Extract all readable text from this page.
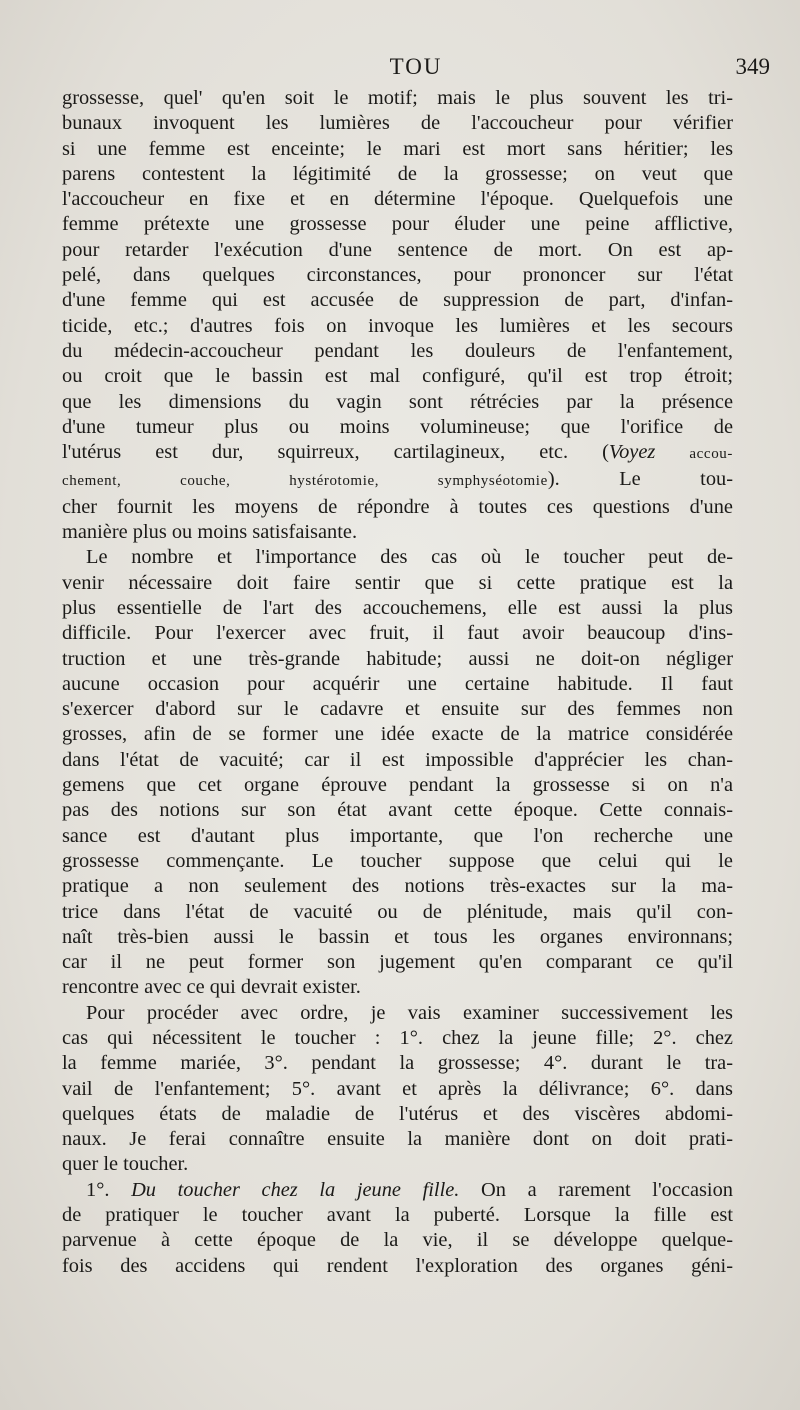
TOU	349

grossesse, quel' qu'en soit le motif; mais le plus souvent les tri-

bunaux invoquent les lumières de l'accoucheur pour vérifier

si une femme est enceinte; le mari est mort sans héritier; les

parens contestent la légitimité de la grossesse; on veut que

l'accoucheur en fixe et en détermine l'époque. Quelquefois une

femme prétexte une grossesse pour éluder une peine afflictive,

pour retarder l'exécution d'une sentence de mort. On est ap-

pelé, dans quelques circonstances, pour prononcer sur l'état

d'une femme qui est accusée de suppression de part, d'infan-

ticide, etc.; d'autres fois on invoque les lumières et les secours

du médecin-accoucheur pendant les douleurs de l'enfantement,

ou croit que le bassin est mal configuré, qu'il est trop étroit;

que les dimensions du vagin sont rétrécies par la présence

d'une tumeur plus ou moins volumineuse; que l'orifice de

l'utérus est dur, squirreux, cartilagineux, etc. (Voyez accou-

chement, couche, hystérotomie, symphyséotomie). Le tou-

cher fournit les moyens de répondre à toutes ces questions d'une

manière plus ou moins satisfaisante.

Le nombre et l'importance des cas où le toucher peut de-

venir nécessaire doit faire sentir que si cette pratique est la

plus essentielle de l'art des accouchemens, elle est aussi la plus

difficile. Pour l'exercer avec fruit, il faut avoir beaucoup d'ins-

truction et une très-grande habitude; aussi ne doit-on négliger

aucune occasion pour acquérir une certaine habitude. Il faut

s'exercer d'abord sur le cadavre et ensuite sur des femmes non

grosses, afin de se former une idée exacte de la matrice considérée

dans l'état de vacuité; car il est impossible d'apprécier les chan-

gemens que cet organe éprouve pendant la grossesse si on n'a

pas des notions sur son état avant cette époque. Cette connais-

sance est d'autant plus importante, que l'on recherche une

grossesse commençante. Le toucher suppose que celui qui le

pratique a non seulement des notions très-exactes sur la ma-

trice dans l'état de vacuité ou de plénitude, mais qu'il con-

naît très-bien aussi le bassin et tous les organes environnans;

car il ne peut former son jugement qu'en comparant ce qu'il

rencontre avec ce qui devrait exister.

Pour procéder avec ordre, je vais examiner successivement les

cas qui nécessitent le toucher : 1°. chez la jeune fille; 2°. chez

la femme mariée, 3°. pendant la grossesse; 4°. durant le tra-

vail de l'enfantement; 5°. avant et après la délivrance; 6°. dans

quelques états de maladie de l'utérus et des viscères abdomi-

naux. Je ferai connaître ensuite la manière dont on doit prati-

quer le toucher.

1°. Du toucher chez la jeune fille. On a rarement l'occasion

de pratiquer le toucher avant la puberté. Lorsque la fille est

parvenue à cette époque de la vie, il se développe quelque-

fois des accidens qui rendent l'exploration des organes géni-
